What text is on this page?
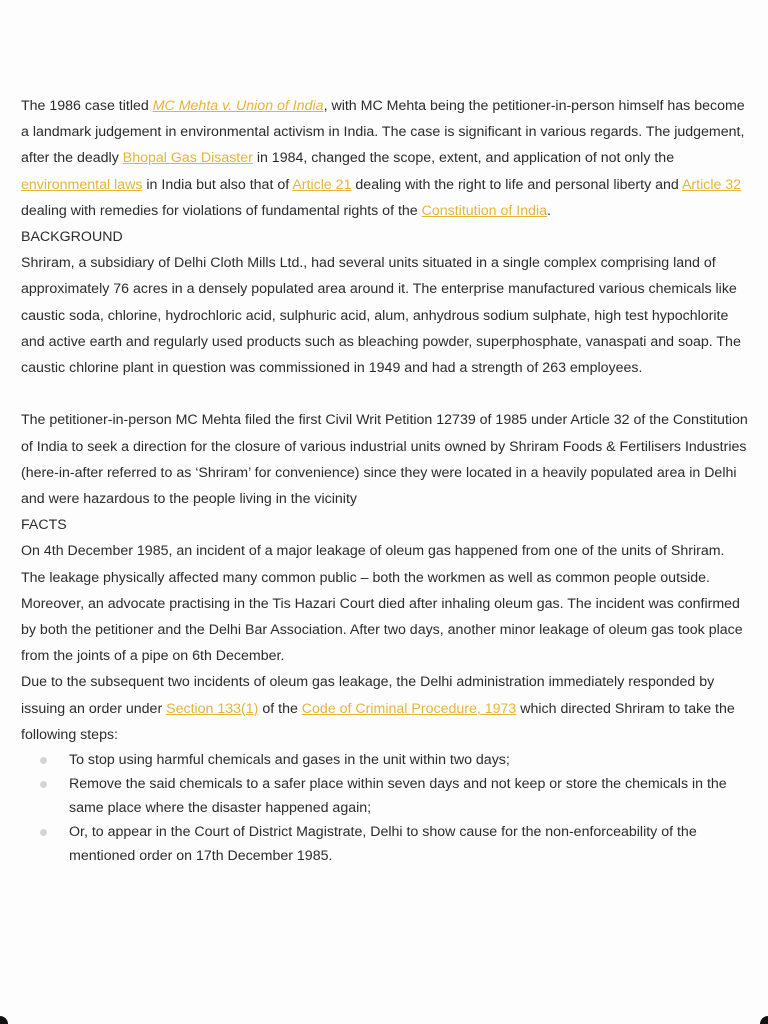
The 1986 case titled MC Mehta v. Union of India, with MC Mehta being the petitioner-in-person himself has become a landmark judgement in environmental activism in India. The case is significant in various regards. The judgement, after the deadly Bhopal Gas Disaster in 1984, changed the scope, extent, and application of not only the environmental laws in India but also that of Article 21 dealing with the right to life and personal liberty and Article 32 dealing with remedies for violations of fundamental rights of the Constitution of India.

BACKGROUND

Shriram, a subsidiary of Delhi Cloth Mills Ltd., had several units situated in a single complex comprising land of approximately 76 acres in a densely populated area around it. The enterprise manufactured various chemicals like caustic soda, chlorine, hydrochloric acid, sulphuric acid, alum, anhydrous sodium sulphate, high test hypochlorite and active earth and regularly used products such as bleaching powder, superphosphate, vanaspati and soap. The caustic chlorine plant in question was commissioned in 1949 and had a strength of 263 employees.

The petitioner-in-person MC Mehta filed the first Civil Writ Petition 12739 of 1985 under Article 32 of the Constitution of India to seek a direction for the closure of various industrial units owned by Shriram Foods & Fertilisers Industries (here-in-after referred to as ‘Shriram’ for convenience) since they were located in a heavily populated area in Delhi and were hazardous to the people living in the vicinity

FACTS

On 4th December 1985, an incident of a major leakage of oleum gas happened from one of the units of Shriram. The leakage physically affected many common public – both the workmen as well as common people outside. Moreover, an advocate practising in the Tis Hazari Court died after inhaling oleum gas. The incident was confirmed by both the petitioner and the Delhi Bar Association. After two days, another minor leakage of oleum gas took place from the joints of a pipe on 6th December.

Due to the subsequent two incidents of oleum gas leakage, the Delhi administration immediately responded by issuing an order under Section 133(1) of the Code of Criminal Procedure, 1973 which directed Shriram to take the following steps:

To stop using harmful chemicals and gases in the unit within two days;
Remove the said chemicals to a safer place within seven days and not keep or store the chemicals in the same place where the disaster happened again;
Or, to appear in the Court of District Magistrate, Delhi to show cause for the non-enforceability of the mentioned order on 17th December 1985.
